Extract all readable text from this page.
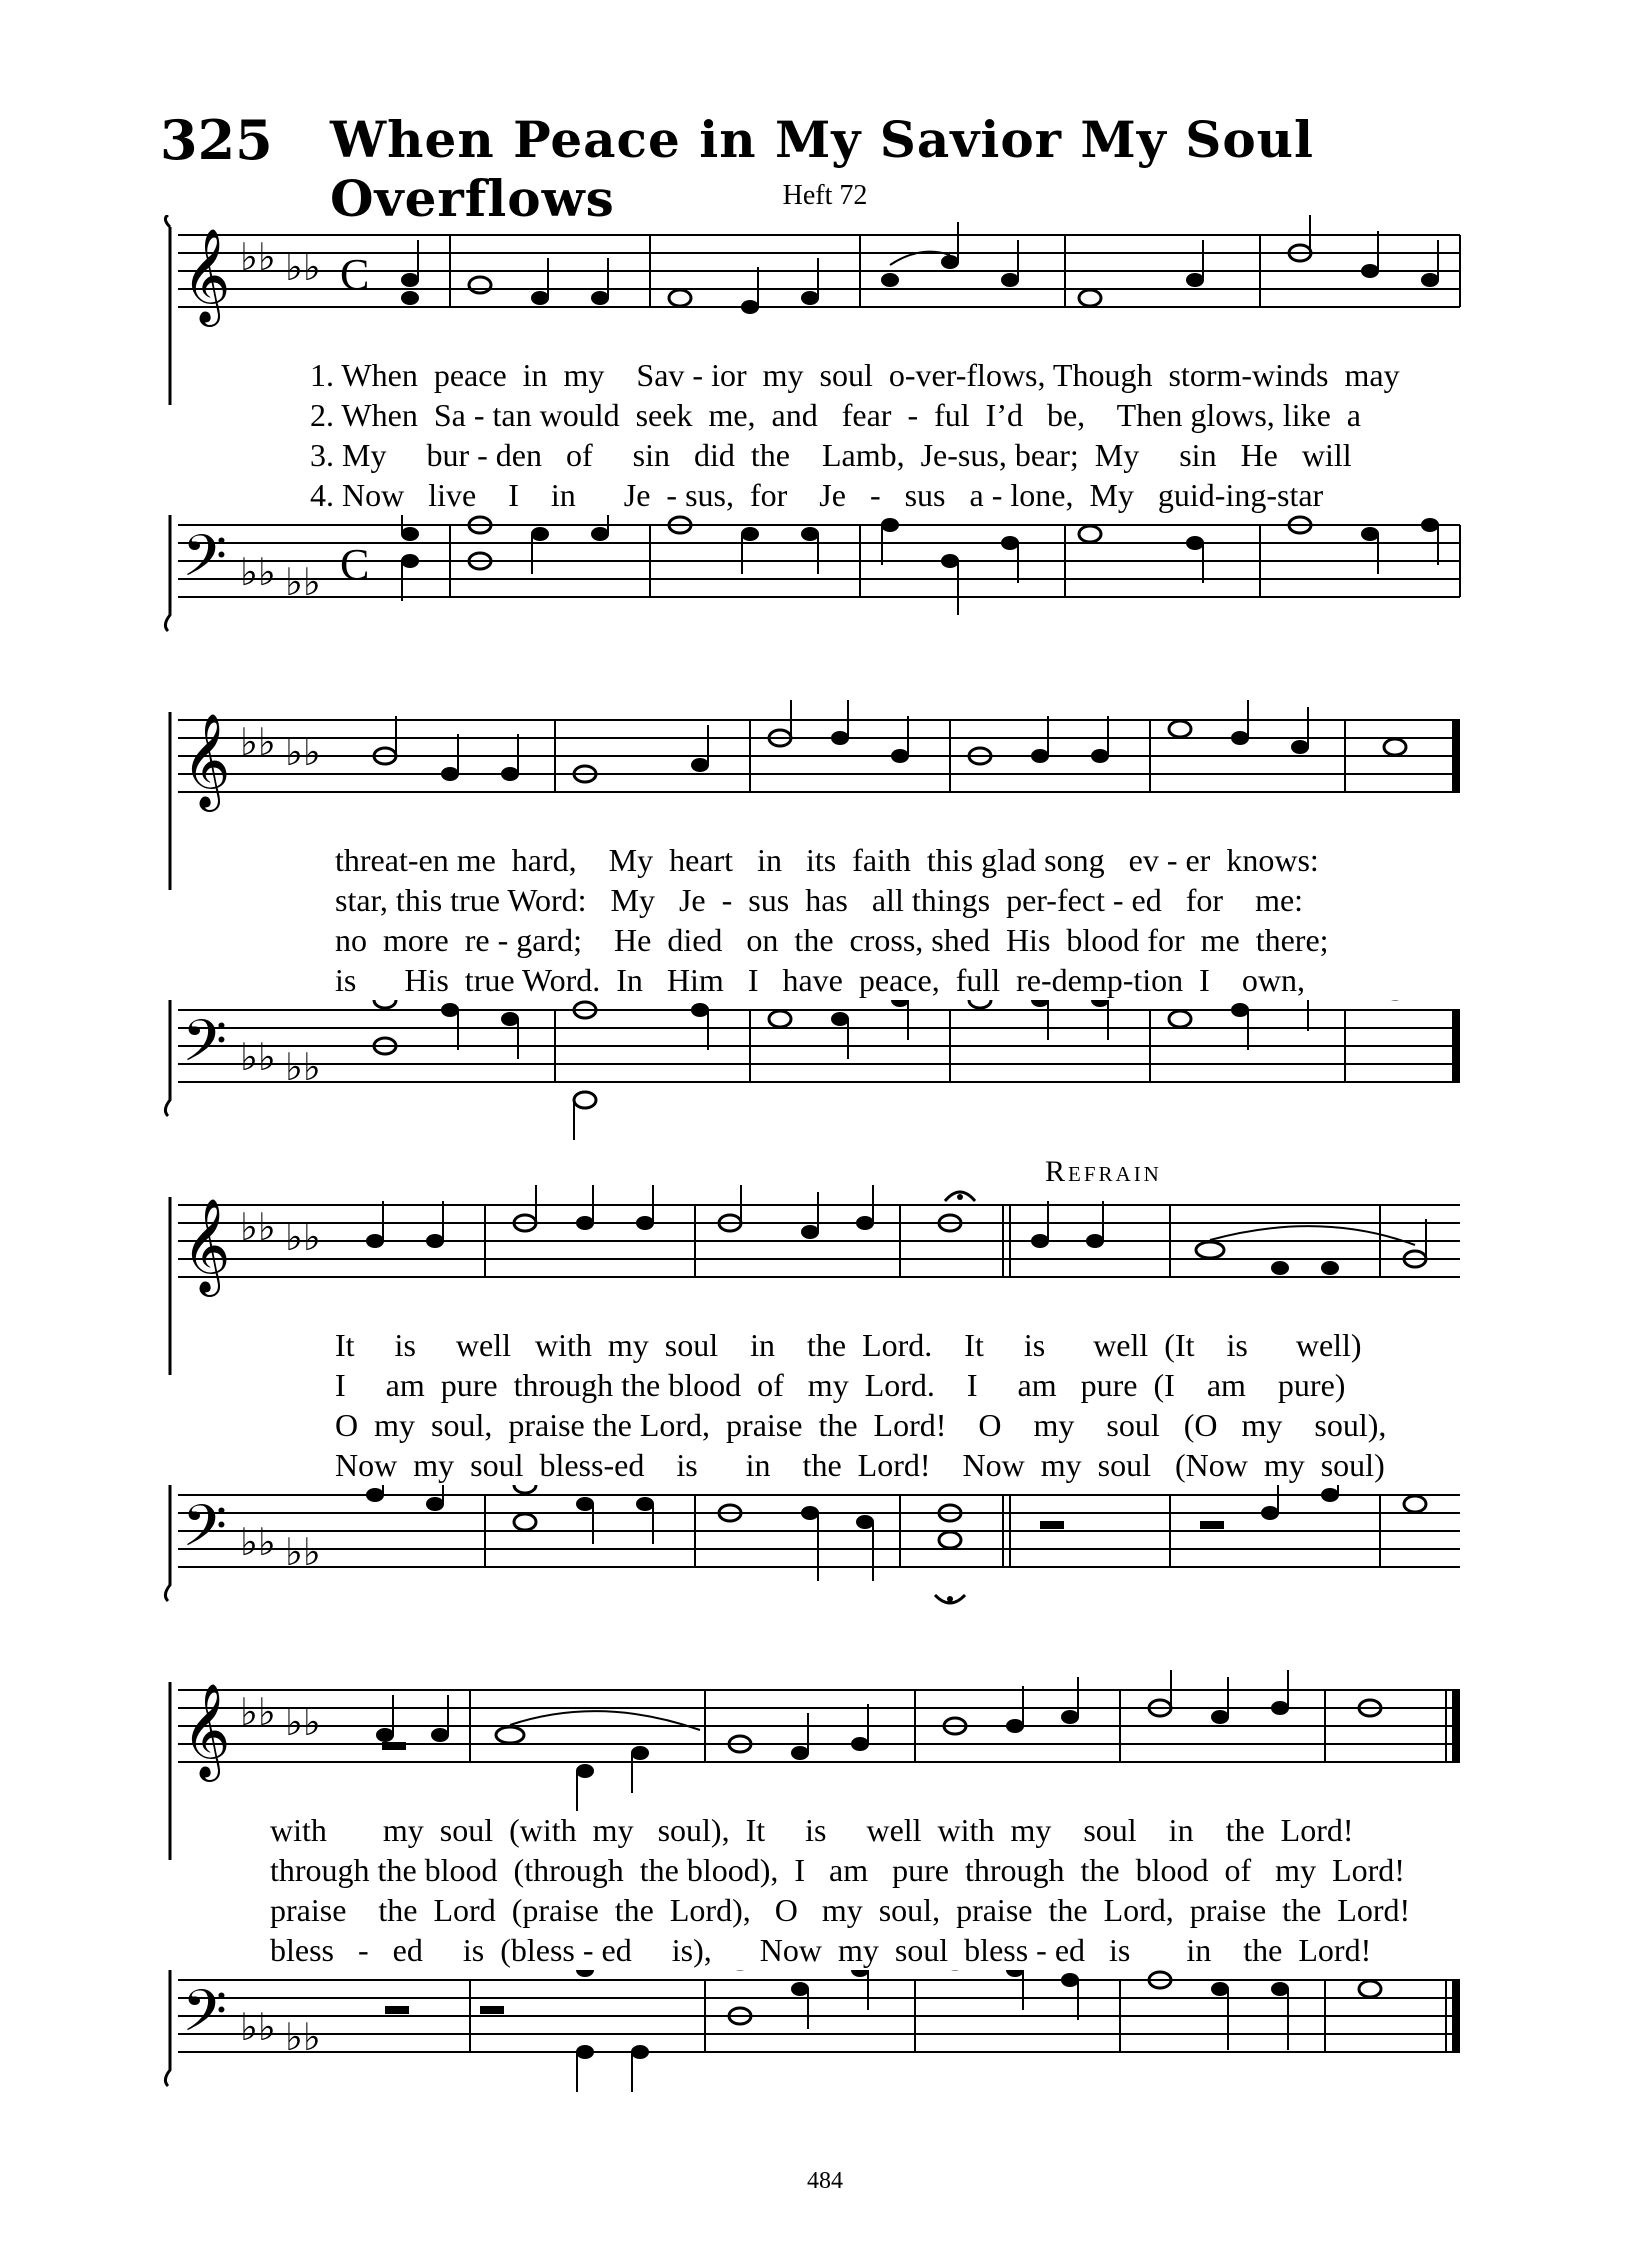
325 When Peace in My Savior My Soul Overflows	Heft 72
𝄞 ♭♭ ♭♭ C
1. When  peace  in  my    Sav - ior  my  soul  o-ver-flows, Though  storm-winds  may
2. When  Sa - tan would  seek  me,  and   fear  -  ful  I’d   be,    Then glows, like  a
3. My     bur - den   of     sin   did  the    Lamb,  Je-sus, bear;  My     sin   He   will
4. Now   live    I    in      Je  - sus,  for    Je   -   sus   a - lone,  My   guid-ing-star
𝄢 ♭♭ ♭♭ C
𝄞 ♭♭ ♭♭
threat-en me  hard,    My  heart   in   its  faith  this glad song   ev - er  knows:
star, this true Word:   My   Je  -  sus  has   all things  per-fect - ed   for    me:
no  more  re - gard;    He  died   on  the  cross, shed  His  blood for  me  there;
is      His  true Word.  In   Him   I   have  peace,  full  re-demp-tion  I    own,
𝄢 ♭♭ ♭♭
Refrain
𝄞 ♭♭ ♭♭
It     is     well   with  my  soul    in    the  Lord.    It     is      well  (It    is      well)
I     am  pure  through the blood  of   my  Lord.    I     am   pure  (I    am    pure)
O  my  soul,  praise the Lord,  praise  the  Lord!    O    my    soul   (O   my    soul),
Now  my  soul  bless-ed    is      in    the  Lord!    Now  my  soul   (Now  my  soul)
𝄢 ♭♭ ♭♭
𝄞 ♭♭ ♭♭
with       my  soul  (with  my   soul),  It     is     well  with  my    soul    in    the  Lord!
through the blood  (through  the blood),  I   am   pure  through  the  blood  of   my  Lord!
praise    the  Lord  (praise  the  Lord),   O   my  soul,  praise  the  Lord,  praise  the  Lord!
bless   -   ed     is  (bless - ed     is),      Now  my  soul  bless - ed   is       in    the  Lord!
𝄢 ♭♭ ♭♭
484
